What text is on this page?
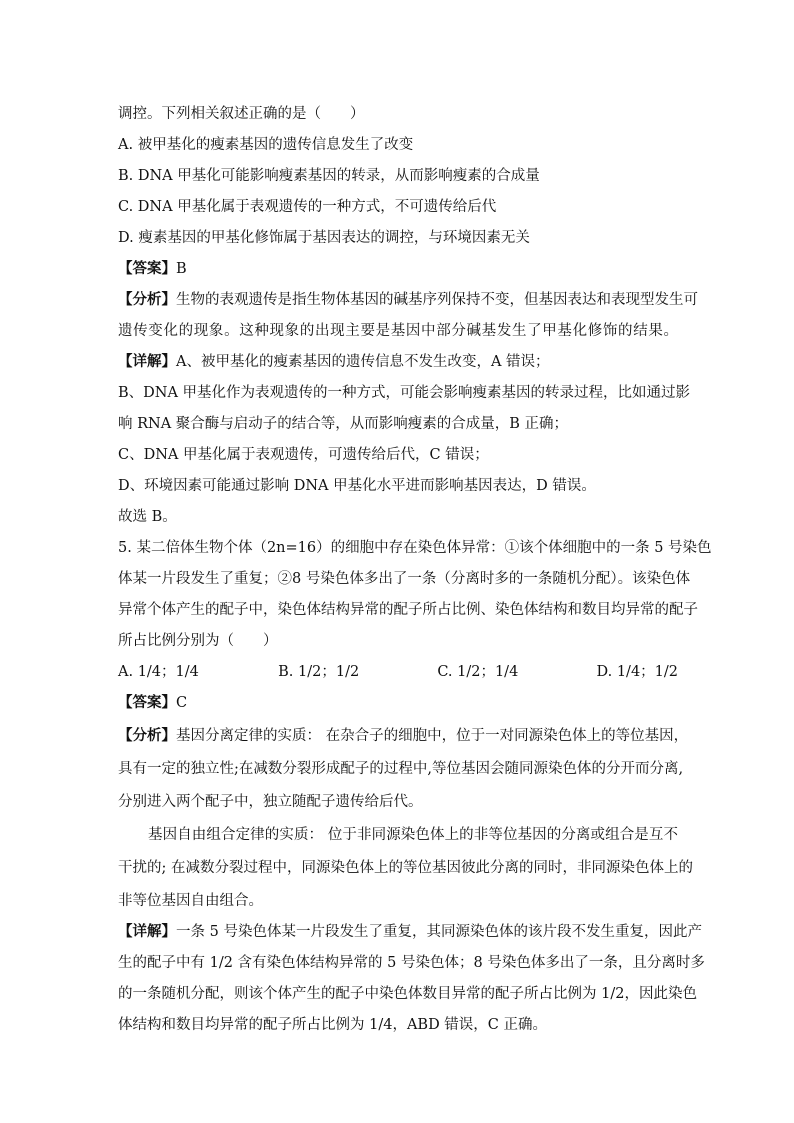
调控。下列相关叙述正确的是（　　）
A. 被甲基化的瘦素基因的遗传信息发生了改变
B. DNA 甲基化可能影响瘦素基因的转录，从而影响瘦素的合成量
C. DNA 甲基化属于表观遗传的一种方式，不可遗传给后代
D. 瘦素基因的甲基化修饰属于基因表达的调控，与环境因素无关
【答案】B
【分析】生物的表观遗传是指生物体基因的碱基序列保持不变，但基因表达和表现型发生可
遗传变化的现象。这种现象的出现主要是基因中部分碱基发生了甲基化修饰的结果。
【详解】A、被甲基化的瘦素基因的遗传信息不发生改变，A 错误；
B、DNA 甲基化作为表观遗传的一种方式，可能会影响瘦素基因的转录过程，比如通过影
响 RNA 聚合酶与启动子的结合等，从而影响瘦素的合成量，B 正确；
C、DNA 甲基化属于表观遗传，可遗传给后代，C 错误；
D、环境因素可能通过影响 DNA 甲基化水平进而影响基因表达，D 错误。
故选 B。
5. 某二倍体生物个体（2n=16）的细胞中存在染色体异常：①该个体细胞中的一条 5 号染色
体某一片段发生了重复；②8 号染色体多出了一条（分离时多的一条随机分配）。该染色体
异常个体产生的配子中，染色体结构异常的配子所占比例、染色体结构和数目均异常的配子
所占比例分别为（　　）
A. 1/4；1/4	B. 1/2；1/2	C. 1/2；1/4	D. 1/4；1/2
【答案】C
【分析】基因分离定律的实质： 在杂合子的细胞中，位于一对同源染色体上的等位基因，
具有一定的独立性;在减数分裂形成配子的过程中,等位基因会随同源染色体的分开而分离,
分别进入两个配子中，独立随配子遗传给后代。
基因自由组合定律的实质： 位于非同源染色体上的非等位基因的分离或组合是互不
干扰的; 在减数分裂过程中，同源染色体上的等位基因彼此分离的同时，非同源染色体上的
非等位基因自由组合。
【详解】一条 5 号染色体某一片段发生了重复，其同源染色体的该片段不发生重复，因此产
生的配子中有 1/2 含有染色体结构异常的 5 号染色体；8 号染色体多出了一条，且分离时多
的一条随机分配，则该个体产生的配子中染色体数目异常的配子所占比例为 1/2，因此染色
体结构和数目均异常的配子所占比例为 1/4，ABD 错误，C 正确。
